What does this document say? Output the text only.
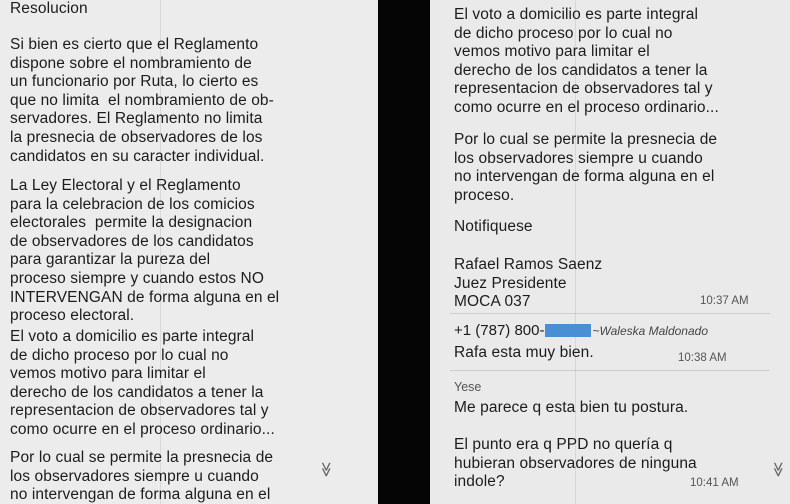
Resolucion

Si bien es cierto que el Reglamento
dispone sobre el nombramiento de
un funcionario por Ruta, lo cierto es
que no limita  el nombramiento de ob-
servadores. El Reglamento no limita
la presnecia de observadores de los
candidatos en su caracter individual.

La Ley Electoral y el Reglamento
para la celebracion de los comicios
electorales  permite la designacion
de observadores de los candidatos
para garantizar la pureza del
proceso siempre y cuando estos NO
INTERVENGAN de forma alguna en el
proceso electoral.

El voto a domicilio es parte integral
de dicho proceso por lo cual no
vemos motivo para limitar el
derecho de los candidatos a tener la
representacion de observadores tal y
como ocurre en el proceso ordinario...

Por lo cual se permite la presnecia de
los observadores siempre u cuando
no intervengan de forma alguna en el

≫

El voto a domicilio es parte integral
de dicho proceso por lo cual no
vemos motivo para limitar el
derecho de los candidatos a tener la
representacion de observadores tal y
como ocurre en el proceso ordinario...

Por lo cual se permite la presnecia de
los observadores siempre u cuando
no intervengan de forma alguna en el
proceso.

Notifiquese

Rafael Ramos Saenz
Juez Presidente
MOCA 037	10:37 AM
+1 (787) 800-	~Waleska Maldonado

Rafa esta muy bien.	10:38 AM
Yese

Me parece q esta bien tu postura.

El punto era q PPD no quería q
hubieran observadores de ninguna
indole?	10:41 AM
≫
